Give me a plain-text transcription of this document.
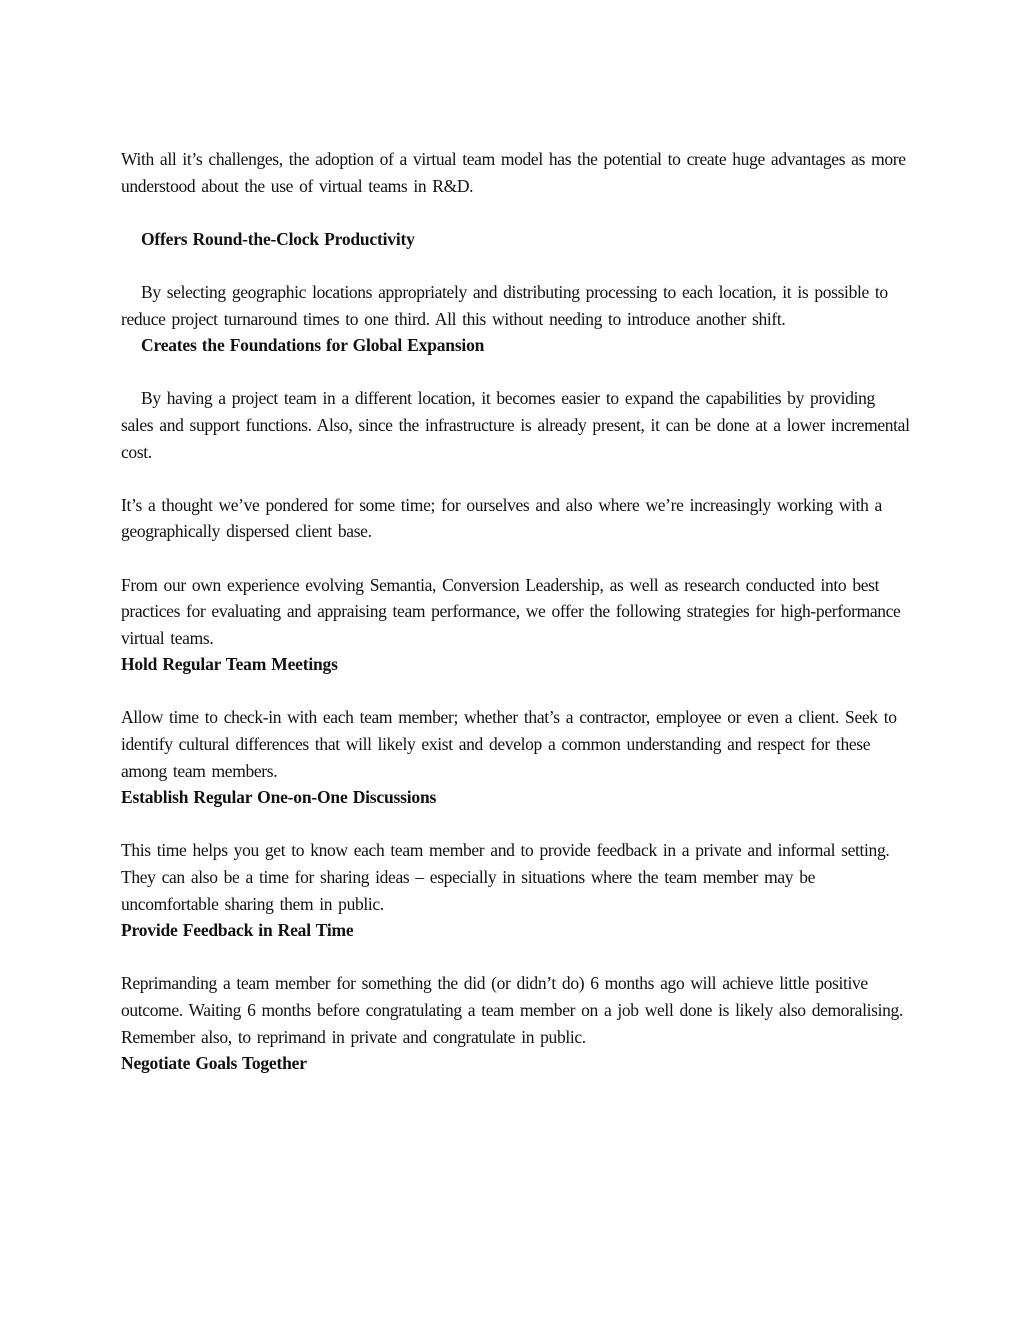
With all it’s challenges, the adoption of a virtual team model has the potential to create huge advantages as more understood about the use of virtual teams in R&D.

Offers Round-the-Clock Productivity

By selecting geographic locations appropriately and distributing processing to each location, it is possible to reduce project turnaround times to one third. All this without needing to introduce another shift.

Creates the Foundations for Global Expansion

By having a project team in a different location, it becomes easier to expand the capabilities by providing sales and support functions. Also, since the infrastructure is already present, it can be done at a lower incremental cost.

It’s a thought we’ve pondered for some time; for ourselves and also where we’re increasingly working with a geographically dispersed client base.

From our own experience evolving Semantia, Conversion Leadership, as well as research conducted into best practices for evaluating and appraising team performance, we offer the following strategies for high-performance virtual teams.

Hold Regular Team Meetings

Allow time to check-in with each team member; whether that’s a contractor, employee or even a client. Seek to identify cultural differences that will likely exist and develop a common understanding and respect for these among team members.

Establish Regular One-on-One Discussions

This time helps you get to know each team member and to provide feedback in a private and informal setting. They can also be a time for sharing ideas – especially in situations where the team member may be uncomfortable sharing them in public.

Provide Feedback in Real Time

Reprimanding a team member for something the did (or didn’t do) 6 months ago will achieve little positive outcome. Waiting 6 months before congratulating a team member on a job well done is likely also demoralising. Remember also, to reprimand in private and congratulate in public.

Negotiate Goals Together
